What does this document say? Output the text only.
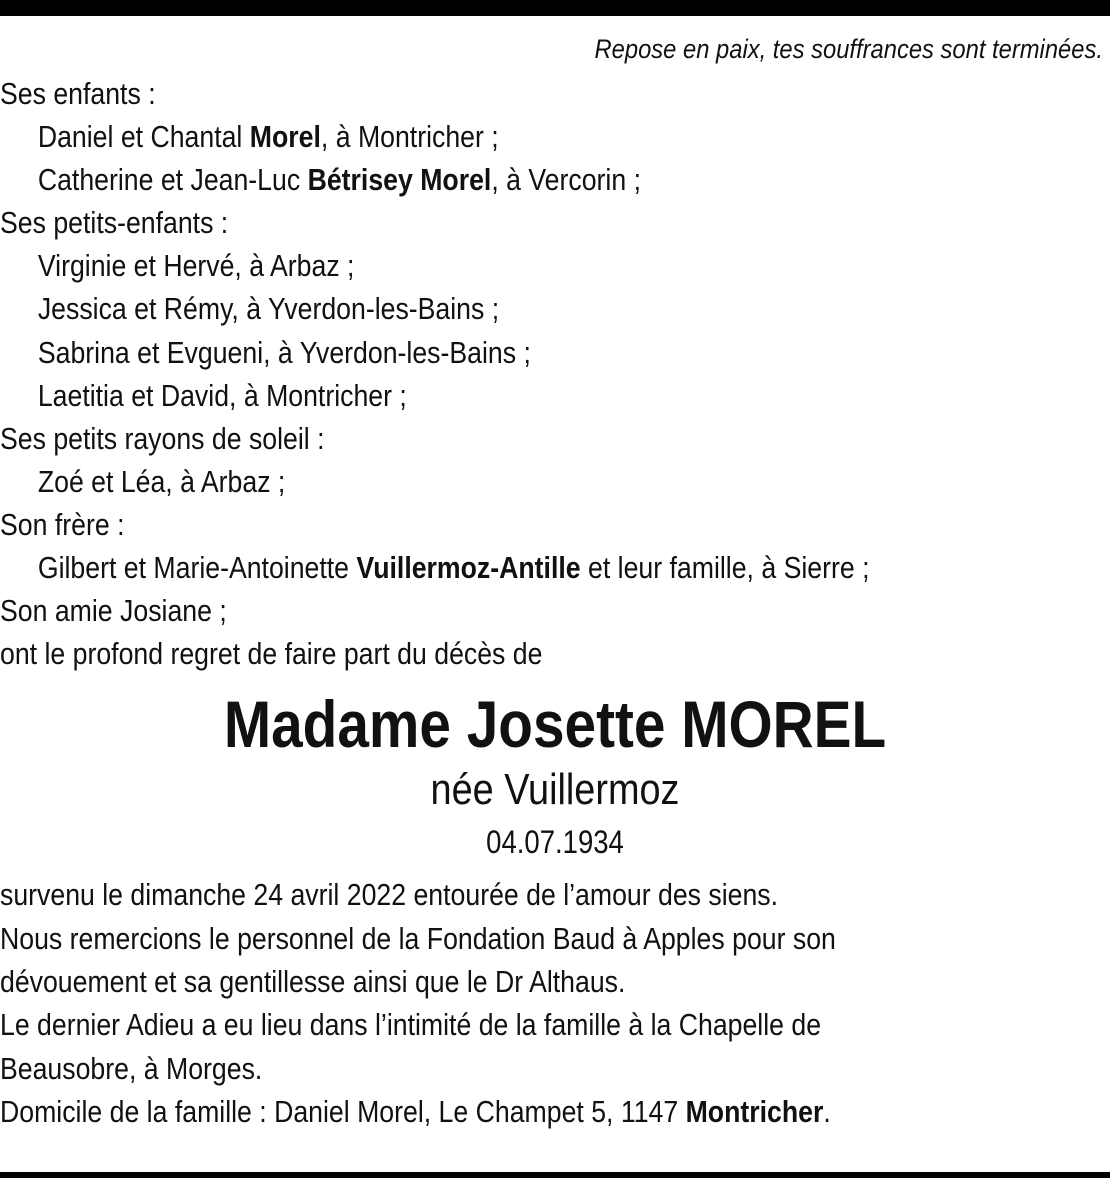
Repose en paix, tes souffrances sont terminées.
Ses enfants :
Daniel et Chantal Morel, à Montricher ;
Catherine et Jean-Luc Bétrisey Morel, à Vercorin ;
Ses petits-enfants :
Virginie et Hervé, à Arbaz ;
Jessica et Rémy, à Yverdon-les-Bains ;
Sabrina et Evgueni, à Yverdon-les-Bains ;
Laetitia et David, à Montricher ;
Ses petits rayons de soleil :
Zoé et Léa, à Arbaz ;
Son frère :
Gilbert et Marie-Antoinette Vuillermoz-Antille et leur famille, à Sierre ;
Son amie Josiane ;
ont le profond regret de faire part du décès de
Madame Josette MOREL
née Vuillermoz
04.07.1934
survenu le dimanche 24 avril 2022 entourée de l’amour des siens.
Nous remercions le personnel de la Fondation Baud à Apples pour son
dévouement et sa gentillesse ainsi que le Dr Althaus.
Le dernier Adieu a eu lieu dans l’intimité de la famille à la Chapelle de
Beausobre, à Morges.
Domicile de la famille : Daniel Morel, Le Champet 5, 1147 Montricher.
